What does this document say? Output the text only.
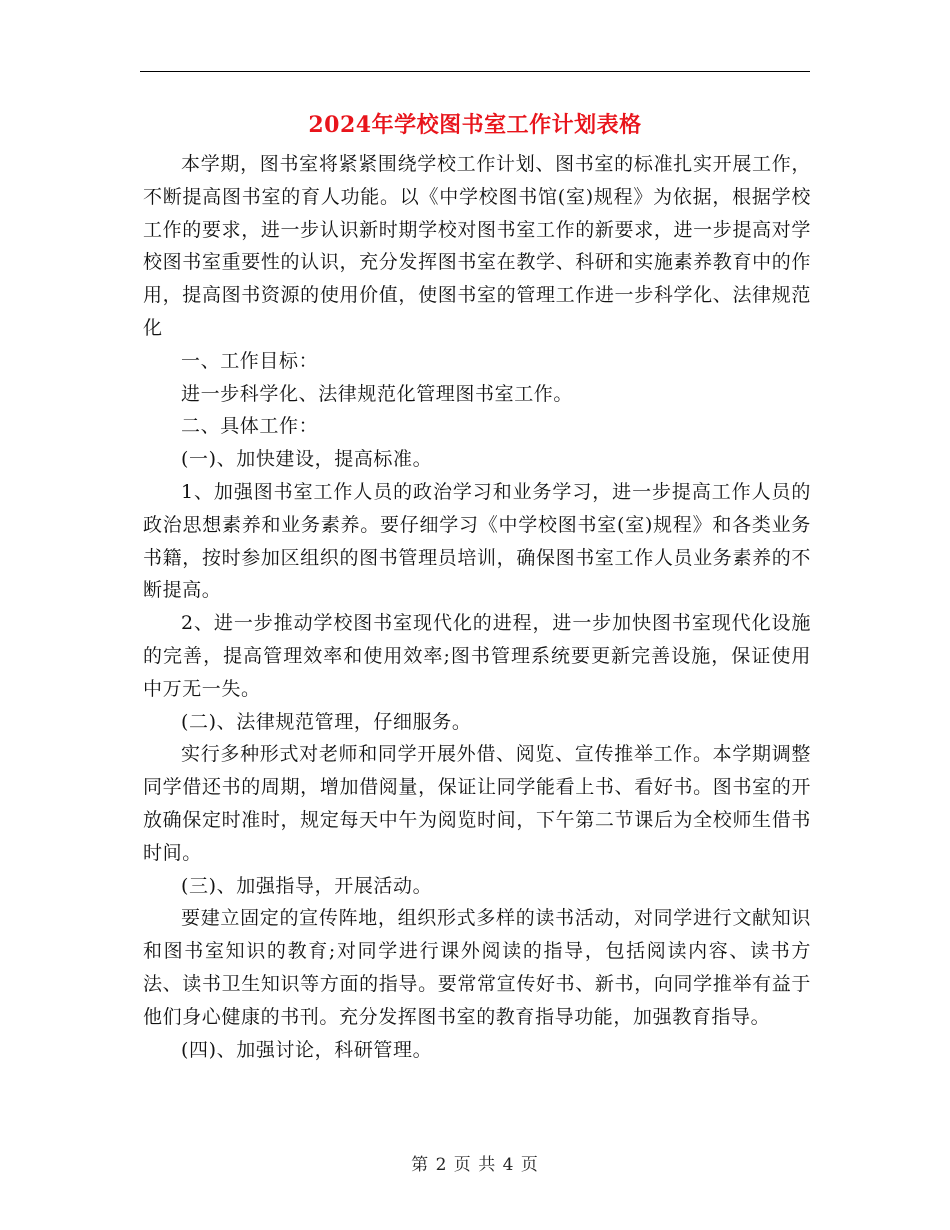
2024年学校图书室工作计划表格

本学期，图书室将紧紧围绕学校工作计划、图书室的标准扎实开展工作，不断提高图书室的育人功能。以《中学校图书馆(室)规程》为依据，根据学校工作的要求，进一步认识新时期学校对图书室工作的新要求，进一步提高对学校图书室重要性的认识，充分发挥图书室在教学、科研和实施素养教育中的作用，提高图书资源的使用价值，使图书室的管理工作进一步科学化、法律规范化

一、工作目标：

进一步科学化、法律规范化管理图书室工作。

二、具体工作：

(一)、加快建设，提高标准。

1、加强图书室工作人员的政治学习和业务学习，进一步提高工作人员的政治思想素养和业务素养。要仔细学习《中学校图书室(室)规程》和各类业务书籍，按时参加区组织的图书管理员培训，确保图书室工作人员业务素养的不断提高。

2、进一步推动学校图书室现代化的进程，进一步加快图书室现代化设施的完善，提高管理效率和使用效率;图书管理系统要更新完善设施，保证使用中万无一失。

(二)、法律规范管理，仔细服务。

实行多种形式对老师和同学开展外借、阅览、宣传推举工作。本学期调整同学借还书的周期，增加借阅量，保证让同学能看上书、看好书。图书室的开放确保定时准时，规定每天中午为阅览时间，下午第二节课后为全校师生借书时间。

(三)、加强指导，开展活动。

要建立固定的宣传阵地，组织形式多样的读书活动，对同学进行文献知识和图书室知识的教育;对同学进行课外阅读的指导，包括阅读内容、读书方法、读书卫生知识等方面的指导。要常常宣传好书、新书，向同学推举有益于他们身心健康的书刊。充分发挥图书室的教育指导功能，加强教育指导。

(四)、加强讨论，科研管理。

第 2 页 共 4 页
